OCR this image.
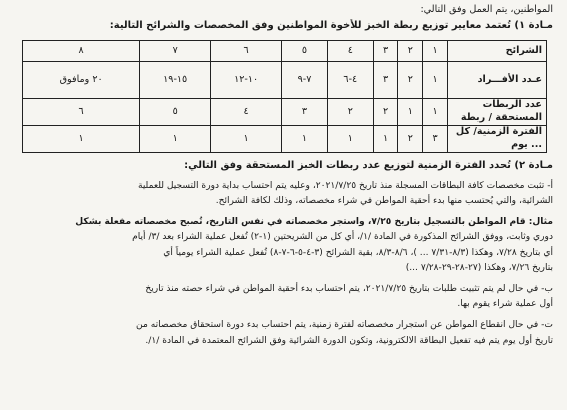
المواطنين، يتم العمل وفق التالي:

مـادة ١) تُعتمد معايير توزيع ربطة الخبز للأخوة المواطنين وفق المخصصات والشرائح التالية:

الشرائح	١	٢	٣	٤	٥	٦	٧	٨
عـدد الأفـــراد	١	٢	٣	٤-٦	٧-٩	١٠-١٢	١٥-١٩	٢٠ ومافوق
عدد الربطات المستحقة / ربطة	١	١	٢	٢	٣	٤	٥	٦
الفترة الزمنية/ كل ... يوم	٣	٢	١	١	١	١	١	١

مـادة ٢) تُحدد الفترة الزمنية لتوزيع عدد ربطات الخبز المستحقة وفق التالي:

أ- تثبت مخصصات كافة البطاقات المسجلة منذ تاريخ ٢٠٢١/٧/٢٥، وعليه يتم احتساب بداية دورة التسجيل للعملية

الشرائية، والتي يُحتسب منها بدء أحقية المواطن في شراء مخصصاته، وذلك لكافة الشرائح.

مثال: قام المواطن بالتسجيل بتاريخ ٧/٢٥، واستجر مخصصاته في نفس التاريخ، تُصبح مخصصاته مفعلة بشكل

دوري وثابت، ووفق الشرائح المذكورة في المادة /١/، أي كل من الشريحتين (١-٢) تُفعل عملية الشراء بعد /٣/ أيام

أي بتاريخ ٧/٢٨، وهكذا (٨/٣-٧/٣١ ... )، ٨/٦-٨/٣، بقية الشرائح (٣-٤-٥-٦-٧-٨) تُفعل عملية الشراء يومياً أي

بتاريخ ٧/٢٦، وهكذا (٢٧-٢٨-٢٩-٧/٢٨ ...)

ب- في حال لم يتم تثبيت طلبات بتاريخ ٢٠٢١/٧/٢٥، يتم احتساب بدء أحقية المواطن في شراء حصته منذ تاريخ

أول عملية شراء يقوم بها.

ت- في حال انقطاع المواطن عن استجرار مخصصاته لفترة زمنية، يتم احتساب بدء دورة استحقاق مخصصاته من

تاريخ أول يوم يتم فيه تفعيل البطاقة الالكترونية، وتكون الدورة الشرائية وفق الشرائح المعتمدة في المادة /١/.
